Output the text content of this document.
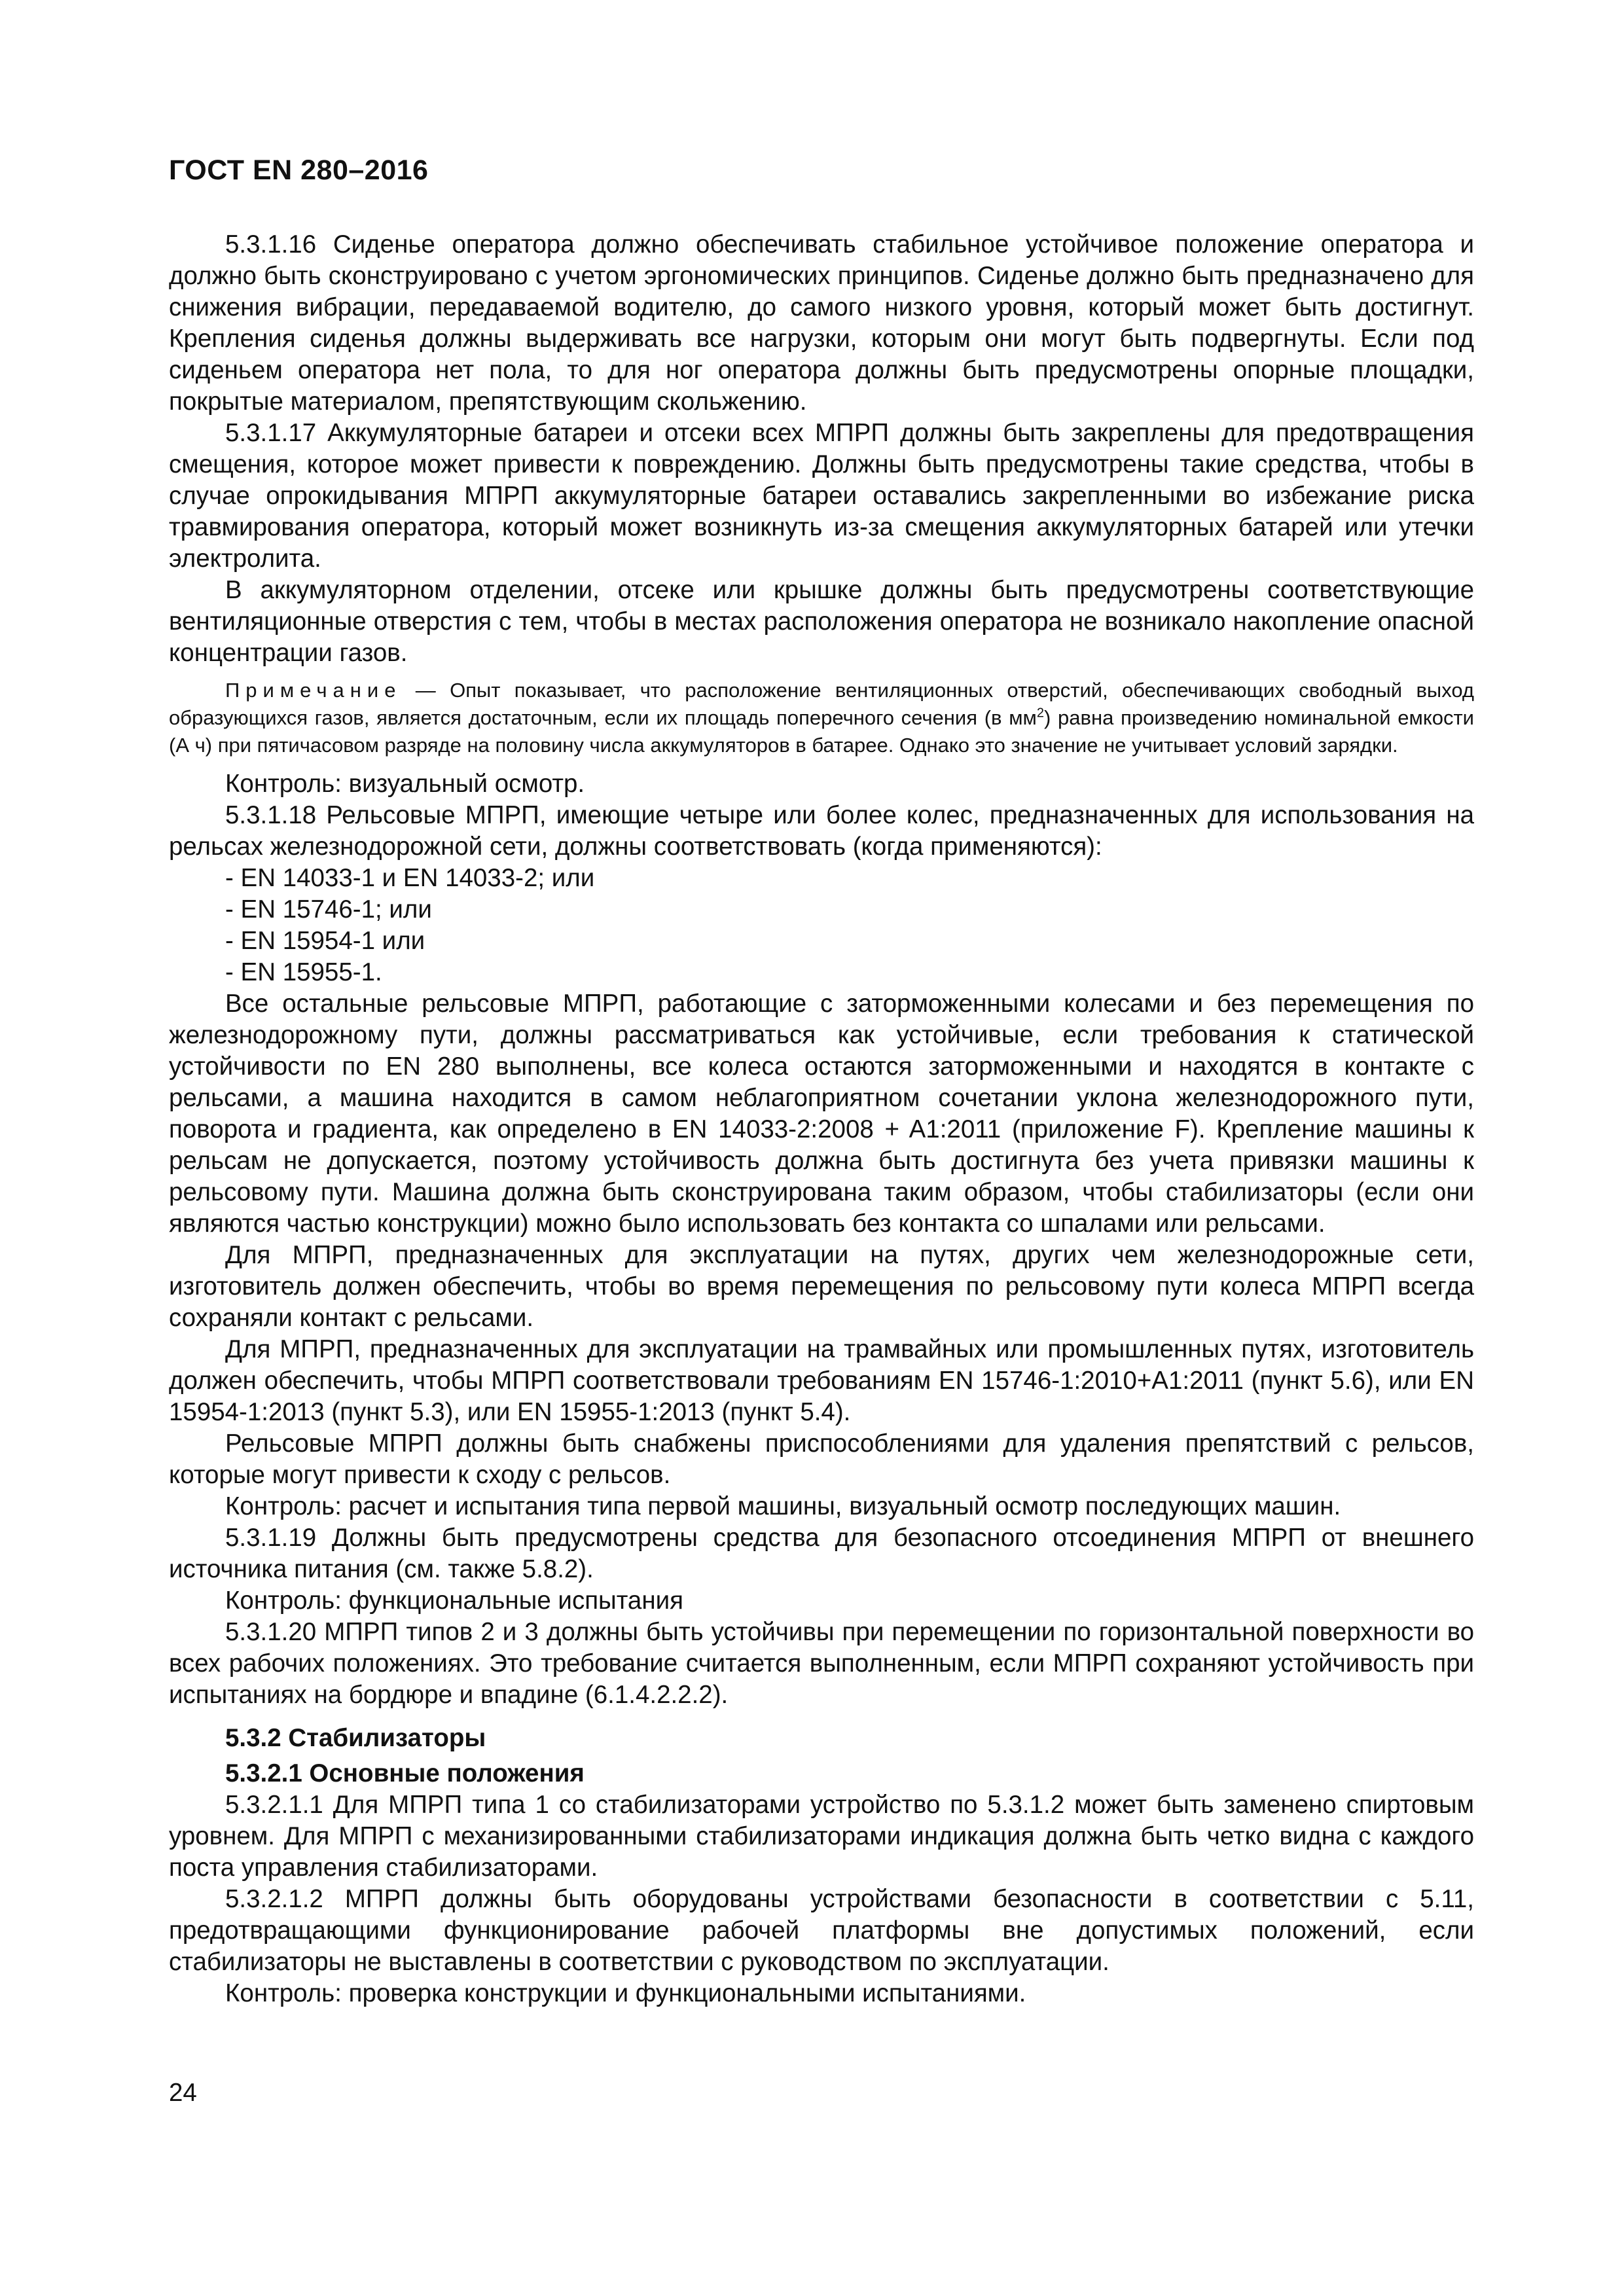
ГОСТ EN 280–2016

5.3.1.16 Сиденье оператора должно обеспечивать стабильное устойчивое положение оператора и должно быть сконструировано с учетом эргономических принципов. Сиденье должно быть предназначено для снижения вибрации, передаваемой водителю, до самого низкого уровня, который может быть достигнут. Крепления сиденья должны выдерживать все нагрузки, которым они могут быть подвергнуты. Если под сиденьем оператора нет пола, то для ног оператора должны быть предусмотрены опорные площадки, покрытые материалом, препятствующим скольжению.

5.3.1.17 Аккумуляторные батареи и отсеки всех МПРП должны быть закреплены для предотвращения смещения, которое может привести к повреждению. Должны быть предусмотрены такие средства, чтобы в случае опрокидывания МПРП аккумуляторные батареи оставались закрепленными во избежание риска травмирования оператора, который может возникнуть из-за смещения аккумуляторных батарей или утечки электролита.

В аккумуляторном отделении, отсеке или крышке должны быть предусмотрены соответствующие вентиляционные отверстия с тем, чтобы в местах расположения оператора не возникало накопление опасной концентрации газов.

Примечание — Опыт показывает, что расположение вентиляционных отверстий, обеспечивающих свободный выход образующихся газов, является достаточным, если их площадь поперечного сечения (в $мм^2$) равна произведению номинальной емкости (А ч) при пятичасовом разряде на половину числа аккумуляторов в батарее. Однако это значение не учитывает условий зарядки.

Контроль: визуальный осмотр.

5.3.1.18 Рельсовые МПРП, имеющие четыре или более колес, предназначенных для использования на рельсах железнодорожной сети, должны соответствовать (когда применяются):

- EN 14033-1 и EN 14033-2; или

- EN 15746-1; или

- EN 15954-1 или

- EN 15955-1.

Все остальные рельсовые МПРП, работающие с заторможенными колесами и без перемещения по железнодорожному пути, должны рассматриваться как устойчивые, если требования к статической устойчивости по EN 280 выполнены, все колеса остаются заторможенными и находятся в контакте с рельсами, а машина находится в самом неблагоприятном сочетании уклона железнодорожного пути, поворота и градиента, как определено в EN 14033-2:2008 + A1:2011 (приложение F). Крепление машины к рельсам не допускается, поэтому устойчивость должна быть достигнута без учета привязки машины к рельсовому пути. Машина должна быть сконструирована таким образом, чтобы стабилизаторы (если они являются частью конструкции) можно было использовать без контакта со шпалами или рельсами.

Для МПРП, предназначенных для эксплуатации на путях, других чем железнодорожные сети, изготовитель должен обеспечить, чтобы во время перемещения по рельсовому пути колеса МПРП всегда сохраняли контакт с рельсами.

Для МПРП, предназначенных для эксплуатации на трамвайных или промышленных путях, изготовитель должен обеспечить, чтобы МПРП соответствовали требованиям EN 15746-1:2010+A1:2011 (пункт 5.6), или EN 15954-1:2013 (пункт 5.3), или EN 15955-1:2013 (пункт 5.4).

Рельсовые МПРП должны быть снабжены приспособлениями для удаления препятствий с рельсов, которые могут привести к сходу с рельсов.

Контроль: расчет и испытания типа первой машины, визуальный осмотр последующих машин.

5.3.1.19 Должны быть предусмотрены средства для безопасного отсоединения МПРП от внешнего источника питания (см. также 5.8.2).

Контроль: функциональные испытания

5.3.1.20 МПРП типов 2 и 3 должны быть устойчивы при перемещении по горизонтальной поверхности во всех рабочих положениях. Это требование считается выполненным, если МПРП сохраняют устойчивость при испытаниях на бордюре и впадине (6.1.4.2.2.2).

5.3.2 Стабилизаторы
5.3.2.1 Основные положения

5.3.2.1.1 Для МПРП типа 1 со стабилизаторами устройство по 5.3.1.2 может быть заменено спиртовым уровнем. Для МПРП с механизированными стабилизаторами индикация должна быть четко видна с каждого поста управления стабилизаторами.

5.3.2.1.2 МПРП должны быть оборудованы устройствами безопасности в соответствии с 5.11, предотвращающими функционирование рабочей платформы вне допустимых положений, если стабилизаторы не выставлены в соответствии с руководством по эксплуатации.

Контроль: проверка конструкции и функциональными испытаниями.

24
